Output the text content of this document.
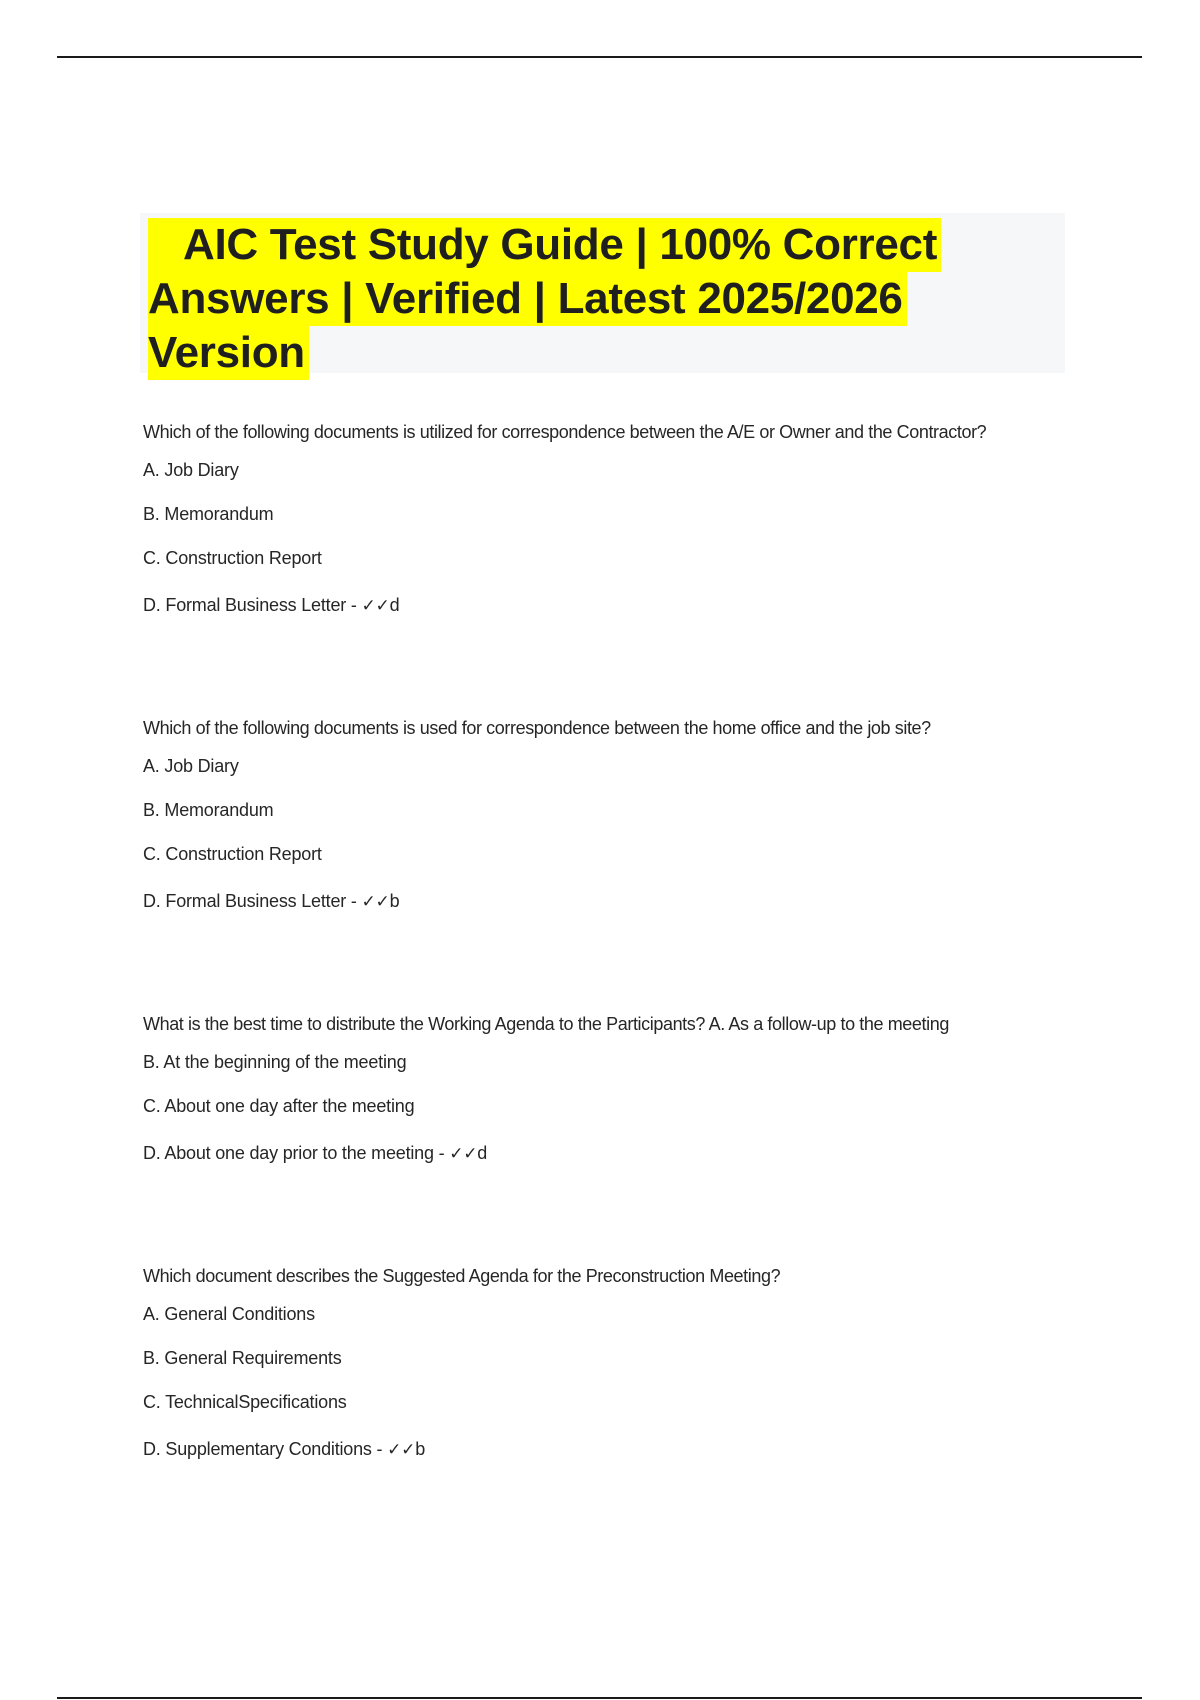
AIC Test Study Guide | 100% Correct
Answers | Verified | Latest 2025/2026
Version

Which of the following documents is utilized for correspondence between the A/E or Owner and the Contractor?

A. Job Diary

B. Memorandum

C. Construction Report

D. Formal Business Letter - ✓✓d

Which of the following documents is used for correspondence between the home office and the job site?

A. Job Diary

B. Memorandum

C. Construction Report

D. Formal Business Letter - ✓✓b

What is the best time to distribute the Working Agenda to the Participants? A. As a follow-up to the meeting

B. At the beginning of the meeting

C. About one day after the meeting

D. About one day prior to the meeting - ✓✓d

Which document describes the Suggested Agenda for the Preconstruction Meeting?

A. General Conditions

B. General Requirements

C. TechnicalSpecifications

D. Supplementary Conditions - ✓✓b
